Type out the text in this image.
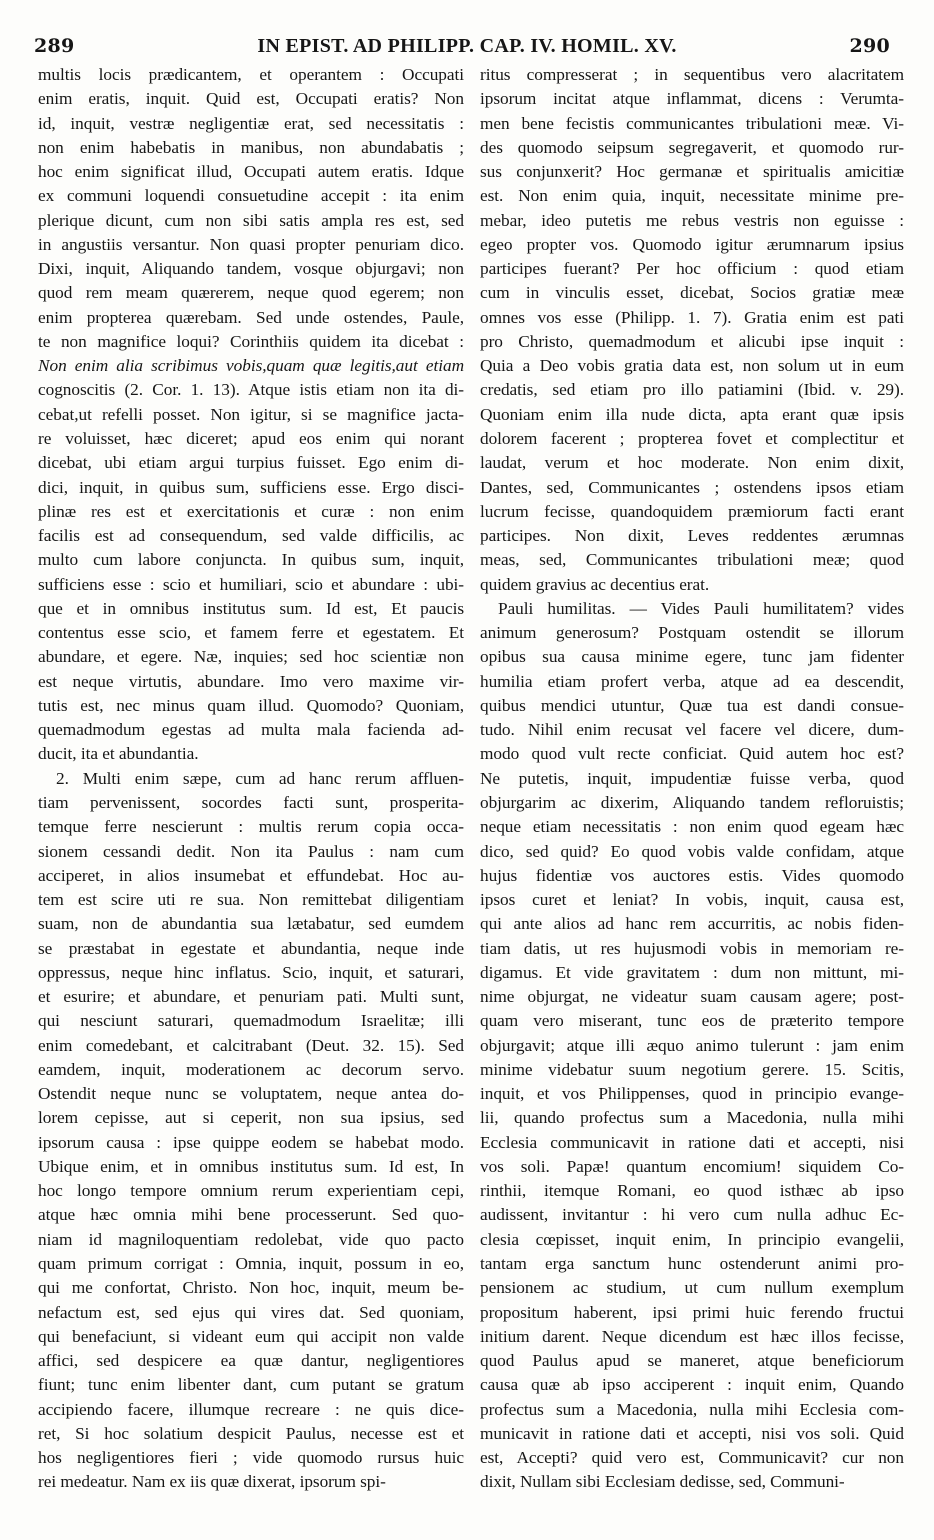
289	IN EPIST. AD PHILIPP. CAP. IV. HOMIL. XV.	290
multis locis prædicantem, et operantem : Occupati
enim eratis, inquit. Quid est, Occupati eratis? Non
id, inquit, vestræ negligentiæ erat, sed necessitatis :
non enim habebatis in manibus, non abundabatis ;
hoc enim significat illud, Occupati autem eratis. Idque
ex communi loquendi consuetudine accepit : ita enim
plerique dicunt, cum non sibi satis ampla res est, sed
in angustiis versantur. Non quasi propter penuriam dico.
Dixi, inquit, Aliquando tandem, vosque objurgavi; non
quod rem meam quærerem, neque quod egerem; non
enim propterea quærebam. Sed unde ostendes, Paule,
te non magnifice loqui? Corinthiis quidem ita dicebat :
Non enim alia scribimus vobis,quam quæ legitis,aut etiam
cognoscitis (2. Cor. 1. 13). Atque istis etiam non ita di-
cebat,ut refelli posset. Non igitur, si se magnifice jacta-
re voluisset, hæc diceret; apud eos enim qui norant
dicebat, ubi etiam argui turpius fuisset. Ego enim di-
dici, inquit, in quibus sum, sufficiens esse. Ergo disci-
plinæ res est et exercitationis et curæ : non enim
facilis est ad consequendum, sed valde difficilis, ac
multo cum labore conjuncta. In quibus sum, inquit,
sufficiens esse : scio et humiliari, scio et abundare : ubi-
que et in omnibus institutus sum. Id est, Et paucis
contentus esse scio, et famem ferre et egestatem. Et
abundare, et egere. Næ, inquies; sed hoc scientiæ non
est neque virtutis, abundare. Imo vero maxime vir-
tutis est, nec minus quam illud. Quomodo? Quoniam,
quemadmodum egestas ad multa mala facienda ad-
ducit, ita et abundantia.
2. Multi enim sæpe, cum ad hanc rerum affluen-
tiam pervenissent, socordes facti sunt, prosperita-
temque ferre nescierunt : multis rerum copia occa-
sionem cessandi dedit. Non ita Paulus : nam cum
acciperet, in alios insumebat et effundebat. Hoc au-
tem est scire uti re sua. Non remittebat diligentiam
suam, non de abundantia sua lætabatur, sed eumdem
se præstabat in egestate et abundantia, neque inde
oppressus, neque hinc inflatus. Scio, inquit, et saturari,
et esurire; et abundare, et penuriam pati. Multi sunt,
qui nesciunt saturari, quemadmodum Israelitæ; illi
enim comedebant, et calcitrabant (Deut. 32. 15). Sed
eamdem, inquit, moderationem ac decorum servo.
Ostendit neque nunc se voluptatem, neque antea do-
lorem cepisse, aut si ceperit, non sua ipsius, sed
ipsorum causa : ipse quippe eodem se habebat modo.
Ubique enim, et in omnibus institutus sum. Id est, In
hoc longo tempore omnium rerum experientiam cepi,
atque hæc omnia mihi bene processerunt. Sed quo-
niam id magniloquentiam redolebat, vide quo pacto
quam primum corrigat : Omnia, inquit, possum in eo,
qui me confortat, Christo. Non hoc, inquit, meum be-
nefactum est, sed ejus qui vires dat. Sed quoniam,
qui benefaciunt, si videant eum qui accipit non valde
affici, sed despicere ea quæ dantur, negligentiores
fiunt; tunc enim libenter dant, cum putant se gratum
accipiendo facere, illumque recreare : ne quis dice-
ret, Si hoc solatium despicit Paulus, necesse est et
hos negligentiores fieri ; vide quomodo rursus huic
rei medeatur. Nam ex iis quæ dixerat, ipsorum spi-
ritus compresserat ; in sequentibus vero alacritatem
ipsorum incitat atque inflammat, dicens : Verumta-
men bene fecistis communicantes tribulationi meæ. Vi-
des quomodo seipsum segregaverit, et quomodo rur-
sus conjunxerit? Hoc germanæ et spiritualis amicitiæ
est. Non enim quia, inquit, necessitate minime pre-
mebar, ideo putetis me rebus vestris non eguisse :
egeo propter vos. Quomodo igitur ærumnarum ipsius
participes fuerant? Per hoc officium : quod etiam
cum in vinculis esset, dicebat, Socios gratiæ meæ
omnes vos esse (Philipp. 1. 7). Gratia enim est pati
pro Christo, quemadmodum et alicubi ipse inquit :
Quia a Deo vobis gratia data est, non solum ut in eum
credatis, sed etiam pro illo patiamini (Ibid. v. 29).
Quoniam enim illa nude dicta, apta erant quæ ipsis
dolorem facerent ; propterea fovet et complectitur et
laudat, verum et hoc moderate. Non enim dixit,
Dantes, sed, Communicantes ; ostendens ipsos etiam
lucrum fecisse, quandoquidem præmiorum facti erant
participes. Non dixit, Leves reddentes ærumnas
meas, sed, Communicantes tribulationi meæ; quod
quidem gravius ac decentius erat.
Pauli humilitas. — Vides Pauli humilitatem? vides
animum generosum? Postquam ostendit se illorum
opibus sua causa minime egere, tunc jam fidenter
humilia etiam profert verba, atque ad ea descendit,
quibus mendici utuntur, Quæ tua est dandi consue-
tudo. Nihil enim recusat vel facere vel dicere, dum-
modo quod vult recte conficiat. Quid autem hoc est?
Ne putetis, inquit, impudentiæ fuisse verba, quod
objurgarim ac dixerim, Aliquando tandem refloruistis;
neque etiam necessitatis : non enim quod egeam hæc
dico, sed quid? Eo quod vobis valde confidam, atque
hujus fidentiæ vos auctores estis. Vides quomodo
ipsos curet et leniat? In vobis, inquit, causa est,
qui ante alios ad hanc rem accurritis, ac nobis fiden-
tiam datis, ut res hujusmodi vobis in memoriam re-
digamus. Et vide gravitatem : dum non mittunt, mi-
nime objurgat, ne videatur suam causam agere; post-
quam vero miserant, tunc eos de præterito tempore
objurgavit; atque illi æquo animo tulerunt : jam enim
minime videbatur suum negotium gerere. 15. Scitis,
inquit, et vos Philippenses, quod in principio evange-
lii, quando profectus sum a Macedonia, nulla mihi
Ecclesia communicavit in ratione dati et accepti, nisi
vos soli. Papæ! quantum encomium! siquidem Co-
rinthii, itemque Romani, eo quod isthæc ab ipso
audissent, invitantur : hi vero cum nulla adhuc Ec-
clesia cœpisset, inquit enim, In principio evangelii,
tantam erga sanctum hunc ostenderunt animi pro-
pensionem ac studium, ut cum nullum exemplum
propositum haberent, ipsi primi huic ferendo fructui
initium darent. Neque dicendum est hæc illos fecisse,
quod Paulus apud se maneret, atque beneficiorum
causa quæ ab ipso acciperent : inquit enim, Quando
profectus sum a Macedonia, nulla mihi Ecclesia com-
municavit in ratione dati et accepti, nisi vos soli. Quid
est, Accepti? quid vero est, Communicavit? cur non
dixit, Nullam sibi Ecclesiam dedisse, sed, Communi-
